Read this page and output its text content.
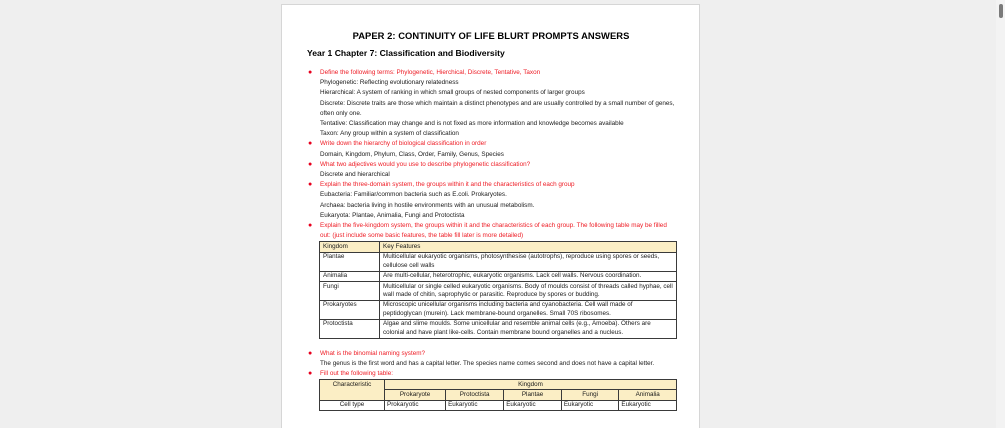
PAPER 2: CONTINUITY OF LIFE BLURT PROMPTS ANSWERS
Year 1 Chapter 7: Classification and Biodiversity
● Define the following terms: Phylogenetic, Hierchical, Discrete, Tentative, Taxon
Phylogenetic: Reflecting evolutionary relatedness
Hierarchical: A system of ranking in which small groups of nested components of larger groups
Discrete: Discrete traits are those which maintain a distinct phenotypes and are usually controlled by a small number of genes, often only one.
Tentative: Classification may change and is not fixed as more information and knowledge becomes available
Taxon: Any group within a system of classification
● Write down the hierarchy of biological classification in order
Domain, Kingdom, Phylum, Class, Order, Family, Genus, Species
● What two adjectives would you use to describe phylogenetic classification?
Discrete and hierarchical
● Explain the three-domain system, the groups within it and the characteristics of each group
Eubacteria: Familiar/common bacteria such as E.coli. Prokaryotes.
Archaea: bacteria living in hostile environments with an unusual metabolism.
Eukaryota: Plantae, Animalia, Fungi and Protoctista
● Explain the five-kingdom system, the groups within it and the characteristics of each group. The following table may be filled out: (just include some basic features, the table fill later is more detailed)
Kingdom	Key Features
Plantae	Multicellular eukaryotic organisms, photosynthesise (autotrophs), reproduce using spores or seeds, cellulose cell walls
Animalia	Are multi-cellular, heterotrophic, eukaryotic organisms. Lack cell walls. Nervous coordination.
Fungi	Multicellular or single celled eukaryotic organisms. Body of moulds consist of threads called hyphae, cell wall made of chitin, saprophytic or parasitic. Reproduce by spores or budding.
Prokaryotes	Microscopic unicellular organisms including bacteria and cyanobacteria. Cell wall made of peptidoglycan (murein). Lack membrane-bound organelles. Small 70S ribosomes.
Protoctista	Algae and slime moulds. Some unicellular and resemble animal cells (e.g., Amoeba). Others are colonial and have plant like-cells. Contain membrane bound organelles and a nucleus.
● What is the binomial naming system?
The genus is the first word and has a capital letter. The species name comes second and does not have a capital letter.
● Fill out the following table:
Characteristic	Kingdom				
	Prokaryote	Protoctista	Plantae	Fungi	Animalia
Cell type	Prokaryotic	Eukaryotic	Eukaryotic	Eukaryotic	Eukaryotic
